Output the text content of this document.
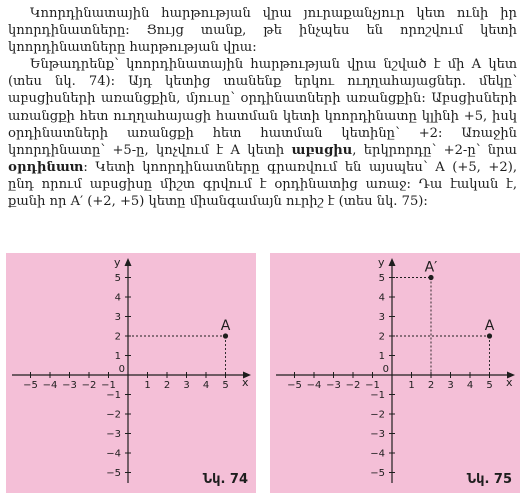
Կոորդինատային հարթության վրա յուրաքանչյուր կետ ունի իր կոորդինատները։ Ցույց տանք, թե ինչպես են որոշվում կետի կոորդինատները հարթության վրա։

Ենթադրենք՝ կոորդինատային հարթության վրա նշված է մի A կետ (տես նկ. 74)։ Այդ կետից տանենք երկու ուղղահայացներ. մեկը՝ աբսցիսների առանցքին, մյուսը՝ օրդինատների առանցքին։ Աբսցիսների առանցքի հետ ուղղահայացի հատման կետի կոորդինատը կլինի +5, իսկ օրդինատների առանցքի հետ հատման կետինը՝ +2։ Առաջին կոորդինատը՝ +5-ը, կոչվում է A կետի աբսցիս, երկրորդը՝ +2-ը՝ նրա օրդինատ։ Կետի կոորդինատները գրառվում են այսպես՝ A (+5, +2), ընդ որում աբսցիսը միշտ գրվում է օրդինատից առաջ։ Դա էական է, քանի որ A′ (+2, +5) կետը միանգամայն ուրիշ է (տես նկ. 75)։

x
y
0
−5 −4 −3 −2 −1	1 2 3 4 5
5
4
3
2
1
−1
−2
−3
−4
−5
A
Նկ. 74
x
y
0
−5 −4 −3 −2 −1	1 2 3 4 5
5
4
3
2
1
−1
−2
−3
−4
−5
A′
A
Նկ. 75
